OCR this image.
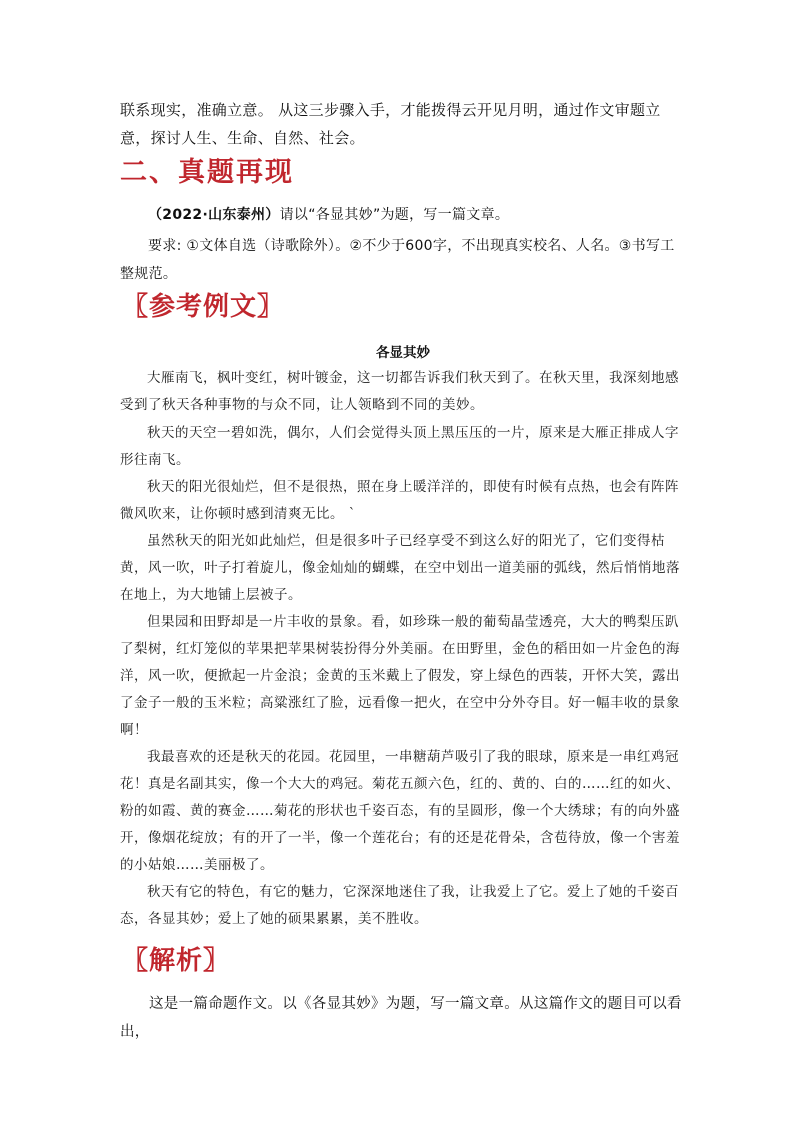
联系现实，准确立意。 从这三步骤入手，才能拨得云开见月明，通过作文审题立意，探讨人生、生命、自然、社会。

二、真题再现

（2022·山东泰州）请以“各显其妙”为题，写一篇文章。

要求: ①文体自选（诗歌除外）。②不少于600字，不出现真实校名、人名。③书写工整规范。

〖参考例文〗

各显其妙

大雁南飞，枫叶变红，树叶镀金，这一切都告诉我们秋天到了。在秋天里，我深刻地感受到了秋天各种事物的与众不同，让人领略到不同的美妙。

秋天的天空一碧如洗，偶尔，人们会觉得头顶上黑压压的一片，原来是大雁正排成人字形往南飞。

秋天的阳光很灿烂，但不是很热，照在身上暖洋洋的，即使有时候有点热，也会有阵阵微风吹来，让你顿时感到清爽无比。 `

虽然秋天的阳光如此灿烂，但是很多叶子已经享受不到这么好的阳光了，它们变得枯黄，风一吹，叶子打着旋儿，像金灿灿的蝴蝶，在空中划出一道美丽的弧线，然后悄悄地落在地上，为大地铺上层被子。

但果园和田野却是一片丰收的景象。看，如珍珠一般的葡萄晶莹透亮，大大的鸭梨压趴了梨树，红灯笼似的苹果把苹果树装扮得分外美丽。在田野里，金色的稻田如一片金色的海洋，风一吹，便掀起一片金浪；金黄的玉米戴上了假发，穿上绿色的西装，开怀大笑，露出了金子一般的玉米粒；高粱涨红了脸，远看像一把火，在空中分外夺目。好一幅丰收的景象啊！

我最喜欢的还是秋天的花园。花园里，一串糖葫芦吸引了我的眼球，原来是一串红鸡冠花！真是名副其实，像一个大大的鸡冠。菊花五颜六色，红的、黄的、白的……红的如火、粉的如霞、黄的赛金……菊花的形状也千姿百态，有的呈圆形，像一个大绣球；有的向外盛开，像烟花绽放；有的开了一半，像一个莲花台；有的还是花骨朵，含苞待放，像一个害羞的小姑娘……美丽极了。

秋天有它的特色，有它的魅力，它深深地迷住了我，让我爱上了它。爱上了她的千姿百态，各显其妙；爱上了她的硕果累累，美不胜收。

〖解析〗

这是一篇命题作文。以《各显其妙》为题，写一篇文章。从这篇作文的题目可以看出，
